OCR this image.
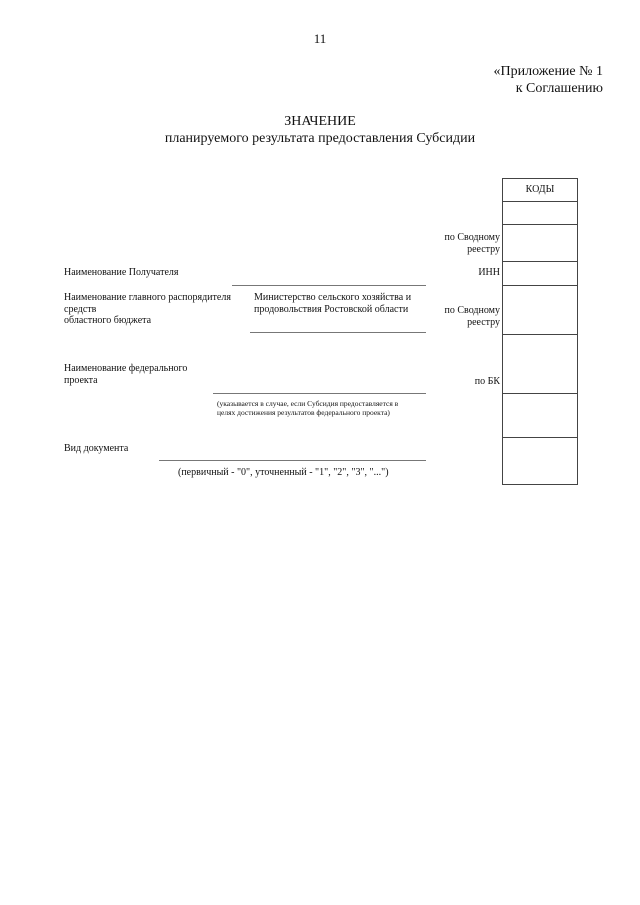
11
«Приложение № 1
к Соглашению
ЗНАЧЕНИЕ
планируемого результата предоставления Субсидии
КОДЫ
по Сводному
реестру
ИНН
по Сводному
реестру
по БК
Наименование Получателя
Наименование главного распорядителя
средств
областного бюджета
Министерство сельского хозяйства и
продовольствия Ростовской области
Наименование федерального
проекта
(указывается в случае, если Субсидия предоставляется в
целях достижения результатов федерального проекта)
Вид документа
(первичный - "0", уточненный - "1", "2", "3", "...")
